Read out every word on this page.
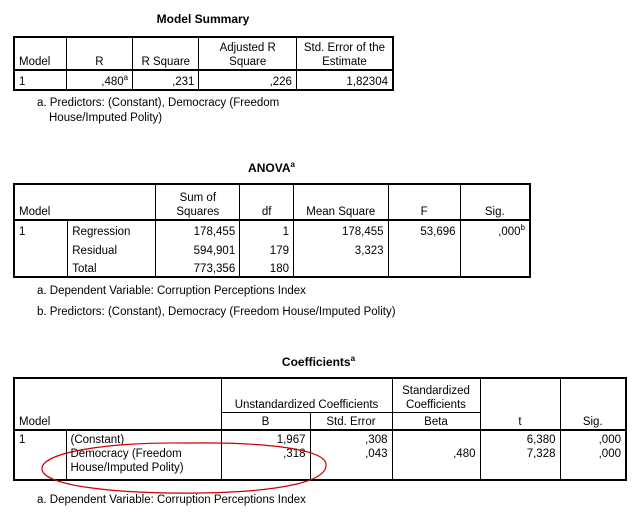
Model Summary
Model	R	R Square	Adjusted R Square	Std. Error of the Estimate
1	,480$^a$	,231	,226	1,82304
a. Predictors: (Constant), Democracy (Freedom
House/Imputed Polity)
ANOVA$^a$
Model		Sum of Squares	df	Mean Square	F	Sig.
1	Regression	178,455	1	178,455	53,696	,000$^b$
	Residual	594,901	179	3,323		
	Total	773,356	180			
a. Dependent Variable: Corruption Perceptions Index
b. Predictors: (Constant), Democracy (Freedom House/Imputed Polity)
Coefficients$^a$
		Unstandardized Coefficients		Standardized Coefficients		
Model		B	Std. Error	Beta	t	Sig.
1	(Constant)	1,967	,308		6,380	,000

	Democracy (Freedom
House/Imputed Polity)	,318	,043	,480	7,328	,000
a. Dependent Variable: Corruption Perceptions Index
